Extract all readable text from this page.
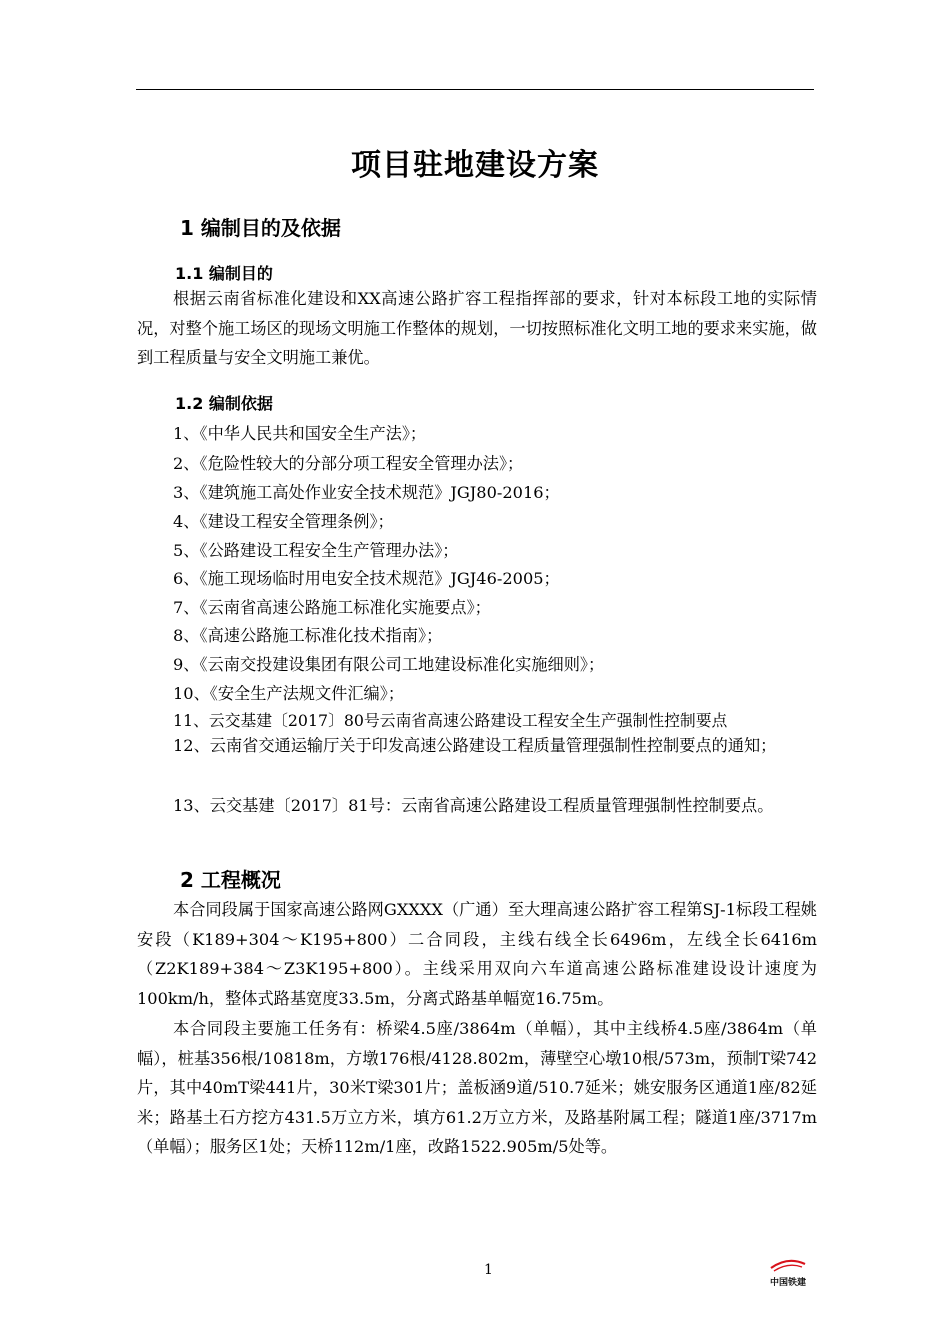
项目驻地建设方案
1 编制目的及依据
1.1 编制目的

根据云南省标准化建设和XX高速公路扩容工程指挥部的要求，针对本标段工地的实际情况，对整个施工场区的现场文明施工作整体的规划，一切按照标准化文明工地的要求来实施，做到工程质量与安全文明施工兼优。

1.2 编制依据
1、《中华人民共和国安全生产法》；
2、《危险性较大的分部分项工程安全管理办法》；
3、《建筑施工高处作业安全技术规范》JGJ80-2016；
4、《建设工程安全管理条例》；
5、《公路建设工程安全生产管理办法》；
6、《施工现场临时用电安全技术规范》JGJ46-2005；
7、《云南省高速公路施工标准化实施要点》；
8、《高速公路施工标准化技术指南》；
9、《云南交投建设集团有限公司工地建设标准化实施细则》；
10、《安全生产法规文件汇编》；
11、云交基建〔2017〕80号云南省高速公路建设工程安全生产强制性控制要点

12、云南省交通运输厅关于印发高速公路建设工程质量管理强制性控制要点的通知；

13、云交基建〔2017〕81号：云南省高速公路建设工程质量管理强制性控制要点。

2 工程概况

本合同段属于国家高速公路网GXXXX（广通）至大理高速公路扩容工程第SJ-1标段工程姚安段（K189+304～K195+800）二合同段，主线右线全长6496m，左线全长6416m（Z2K189+384～Z3K195+800）。主线采用双向六车道高速公路标准建设设计速度为100km/h，整体式路基宽度33.5m，分离式路基单幅宽16.75m。

本合同段主要施工任务有：桥梁4.5座/3864m（单幅），其中主线桥4.5座/3864m（单幅），桩基356根/10818m，方墩176根/4128.802m，薄壁空心墩10根/573m，预制T梁742片，其中40mT梁441片，30米T梁301片；盖板涵9道/510.7延米；姚安服务区通道1座/82延米；路基土石方挖方431.5万立方米，填方61.2万立方米，及路基附属工程；隧道1座/3717m（单幅）；服务区1处；天桥112m/1座，改路1522.905m/5处等。

1
中国铁建
